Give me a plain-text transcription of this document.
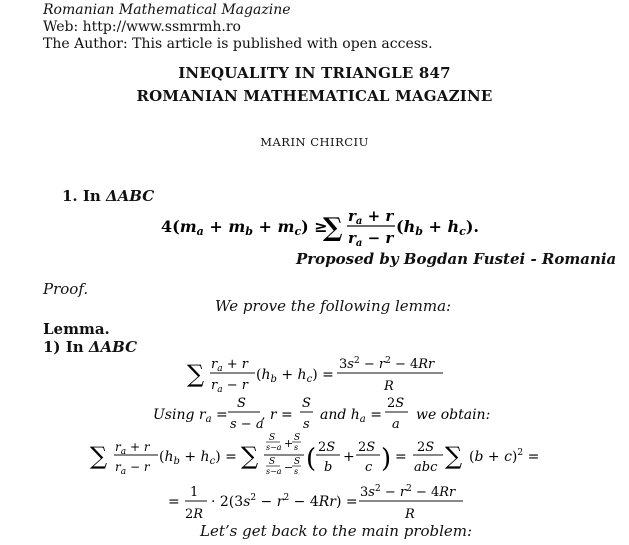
Romanian Mathematical Magazine
Web: http://www.ssmrmh.ro
The Author: This article is published with open access.
INEQUALITY IN TRIANGLE 847
ROMANIAN MATHEMATICAL MAGAZINE
MARIN CHIRCIU
1. In ΔABC
4(ma + mb + mc) ≥
∑ $r_a + r$
$r_a - r$
(hb + hc).
Proposed by Bogdan Fustei - Romania
Proof.
We prove the following lemma:
Lemma.
1) In ΔABC
∑ $r_a + r$
$r_a - r$
$(h_b + h_c)$ =
$3s^2 - r^2 - 4Rr$
R
Using $r_a$ =
S
s − a
, r =
S
s
and $h_a$ =
2S
a
we obtain:
∑ $r_a + r$
$r_a - r$
$(h_b + h_c)$ = ∑
S
s−a + S
s
S
s−a − S
s ( 2S
b
+
2S
c ) =
2S
abc ∑ $(b + c)^2$ =
=
1
2R
· $2(3s^2 - r^2 - 4Rr)$ =
$3s^2 - r^2 - 4Rr$
R
Let’s get back to the main problem:
